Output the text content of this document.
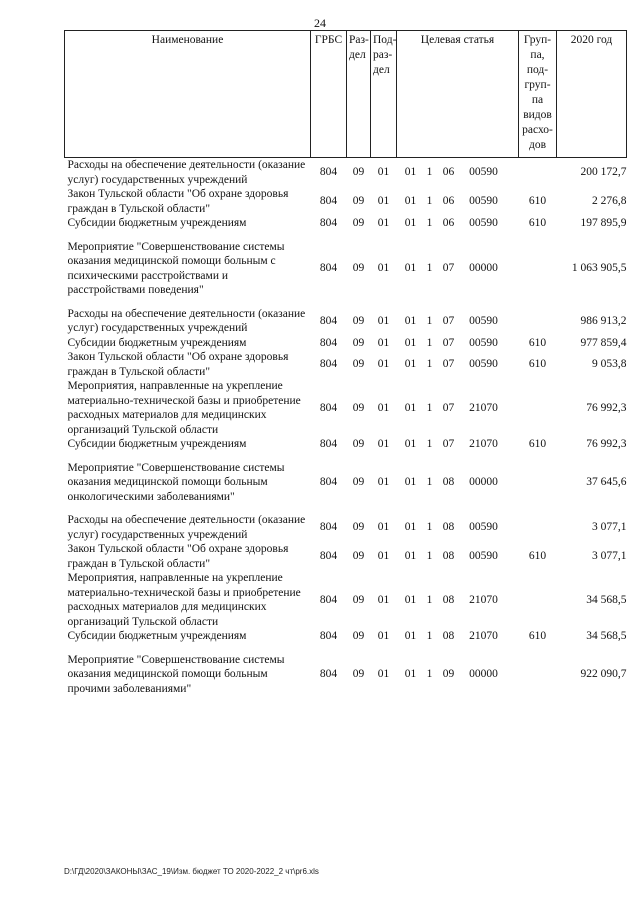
24
Наименование	ГРБС	Раз-дел	Под-раз-дел	Целевая статья	Груп-па, под-груп-па видов расхо-дов	2020 год
Расходы на обеспечение деятельности (оказание услуг) государственных учреждений	804	09	01	01 1 06 00590		200 172,7
Закон Тульской области "Об охране здоровья граждан в Тульской области"	804	09	01	01 1 06 00590	610	2 276,8
Субсидии бюджетным учреждениям	804	09	01	01 1 06 00590	610	197 895,9

Мероприятие "Совершенствование системы оказания медицинской помощи больным с психическими расстройствами и расстройствами поведения"	804	09	01	01 1 07 00000		1 063 905,5

Расходы на обеспечение деятельности (оказание услуг) государственных учреждений	804	09	01	01 1 07 00590		986 913,2
Субсидии бюджетным учреждениям	804	09	01	01 1 07 00590	610	977 859,4
Закон Тульской области "Об охране здоровья граждан в Тульской области"	804	09	01	01 1 07 00590	610	9 053,8
Мероприятия, направленные на укрепление материально-технической базы и приобретение расходных материалов для медицинских организаций Тульской области	804	09	01	01 1 07 21070		76 992,3
Субсидии бюджетным учреждениям	804	09	01	01 1 07 21070	610	76 992,3

Мероприятие "Совершенствование системы оказания медицинской помощи больным онкологическими заболеваниями"	804	09	01	01 1 08 00000		37 645,6

Расходы на обеспечение деятельности (оказание услуг) государственных учреждений	804	09	01	01 1 08 00590		3 077,1
Закон Тульской области "Об охране здоровья граждан в Тульской области"	804	09	01	01 1 08 00590	610	3 077,1
Мероприятия, направленные на укрепление материально-технической базы и приобретение расходных материалов для медицинских организаций Тульской области	804	09	01	01 1 08 21070		34 568,5
Субсидии бюджетным учреждениям	804	09	01	01 1 08 21070	610	34 568,5

Мероприятие "Совершенствование системы оказания медицинской помощи больным прочими заболеваниями"	804	09	01	01 1 09 00000		922 090,7
D:\ГД\2020\ЗАКОНЫ\ЗАС_19\Изм. бюджет ТО 2020-2022_2 чт\pr6.xls
